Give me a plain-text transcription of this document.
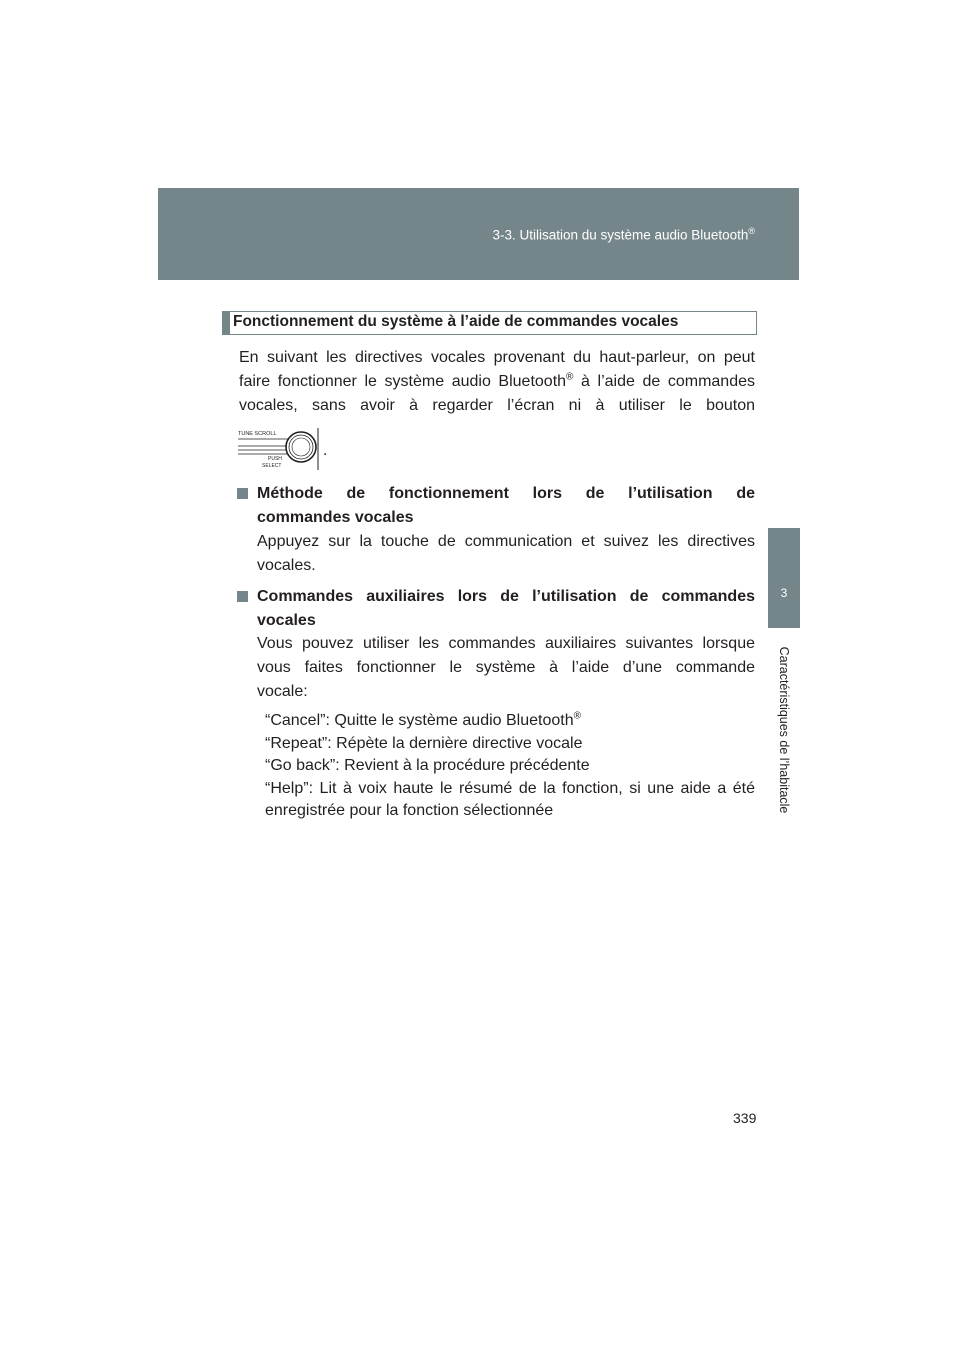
3-3. Utilisation du système audio Bluetooth®
3
Caractéristiques de l’habitacle
Fonctionnement du système à l’aide de commandes vocales
En suivant les directives vocales provenant du haut-parleur, on peut
faire fonctionner le système audio Bluetooth® à l’aide de commandes
vocales, sans avoir à regarder l’écran ni à utiliser le bouton
TUNE SCROLL
PUSH
SELECT
.
Méthode de fonctionnement lors de l’utilisation de
commandes vocales
Appuyez sur la touche de communication et suivez les directives
vocales.
Commandes auxiliaires lors de l’utilisation de commandes
vocales
Vous pouvez utiliser les commandes auxiliaires suivantes lorsque
vous faites fonctionner le système à l’aide d’une commande
vocale:
“Cancel”: Quitte le système audio Bluetooth®
“Repeat”: Répète la dernière directive vocale
“Go back”: Revient à la procédure précédente
“Help”: Lit à voix haute le résumé de la fonction, si une aide a été
enregistrée pour la fonction sélectionnée
339
